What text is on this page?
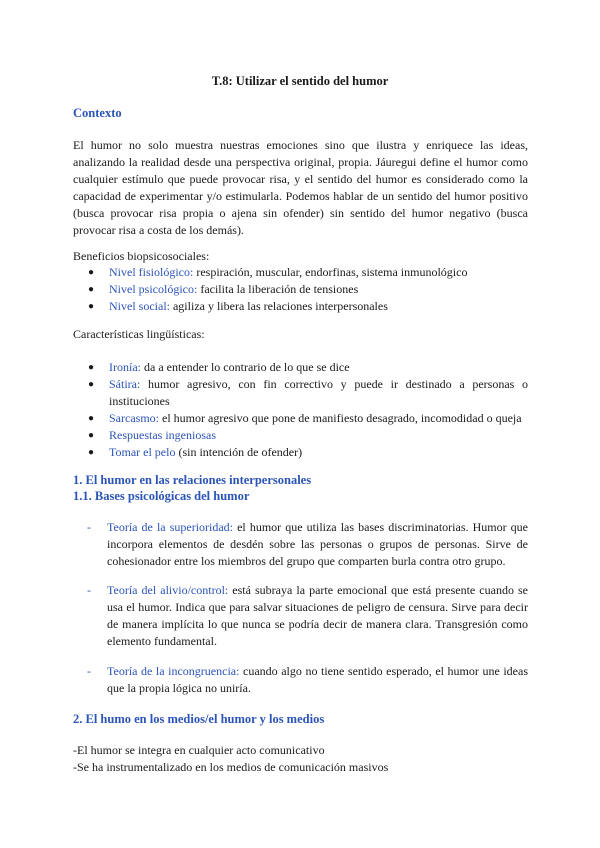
T.8: Utilizar el sentido del humor
Contexto
El humor no solo muestra nuestras emociones sino que ilustra y enriquece las ideas, analizando la realidad desde una perspectiva original, propia. Jáuregui define el humor como cualquier estímulo que puede provocar risa, y el sentido del humor es considerado como la capacidad de experimentar y/o estimularla. Podemos hablar de un sentido del humor positivo (busca provocar risa propia o ajena sin ofender) sin sentido del humor negativo (busca provocar risa a costa de los demás).
Beneficios biopsicosociales:
● Nivel fisiológico: respiración, muscular, endorfinas, sistema inmunológico
● Nivel psicológico: facilita la liberación de tensiones
● Nivel social: agiliza y libera las relaciones interpersonales
Características lingüísticas:
● Ironía: da a entender lo contrario de lo que se dice
● Sátira: humor agresivo, con fin correctivo y puede ir destinado a personas o instituciones
● Sarcasmo: el humor agresivo que pone de manifiesto desagrado, incomodidad o queja
● Respuestas ingeniosas
● Tomar el pelo (sin intención de ofender)
1. El humor en las relaciones interpersonales
1.1. Bases psicológicas del humor
- Teoría de la superioridad: el humor que utiliza las bases discriminatorias. Humor que incorpora elementos de desdén sobre las personas o grupos de personas. Sirve de cohesionador entre los miembros del grupo que comparten burla contra otro grupo.
- Teoría del alivio/control: está subraya la parte emocional que está presente cuando se usa el humor. Indica que para salvar situaciones de peligro de censura. Sirve para decir de manera implícita lo que nunca se podría decir de manera clara. Transgresión como elemento fundamental.
- Teoría de la incongruencia: cuando algo no tiene sentido esperado, el humor une ideas que la propia lógica no uniría.
2. El humo en los medios/el humor y los medios
-El humor se integra en cualquier acto comunicativo
-Se ha instrumentalizado en los medios de comunicación masivos
